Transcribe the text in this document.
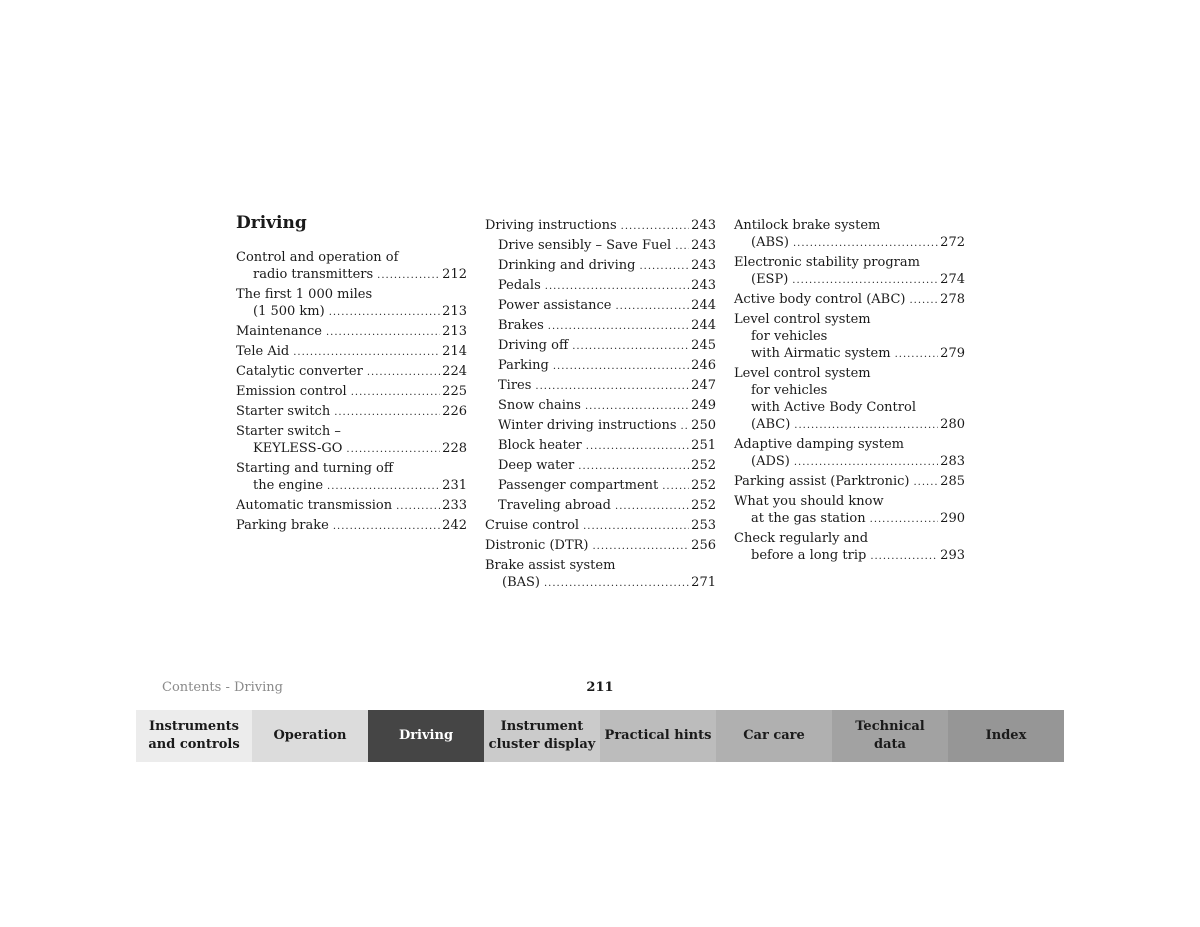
Driving
Control and operation of
radio transmitters .....	212
The first 1 000 miles
(1 500 km) .....	213
Maintenance .....	213
Tele Aid .....	214
Catalytic converter .....	224
Emission control .....	225
Starter switch .....	226
Starter switch –
KEYLESS-GO .....	228
Starting and turning off
the engine .....	231
Automatic transmission .....	233
Parking brake .....	242
Driving instructions .....	243
Drive sensibly – Save Fuel ..... 243
Drinking and driving .....	243
Pedals .....	243
Power assistance .....	244
Brakes .....	244
Driving off .....	245
Parking .....	246
Tires .....	247
Snow chains .....	249
Winter driving instructions ..... 250
Block heater .....	251
Deep water .....	252
Passenger compartment .....	252
Traveling abroad .....	252
Cruise control .....	253
Distronic (DTR) .....	256
Brake assist system
(BAS) .....	271
Antilock brake system
(ABS) .....	272
Electronic stability program
(ESP) .....	274
Active body control (ABC) .....	278
Level control system
for vehicles
with Airmatic system .....	279
Level control system
for vehicles
with Active Body Control
(ABC) .....	280
Adaptive damping system
(ADS) .....	283
Parking assist (Parktronic) ..... 285
What you should know
at the gas station .....	290
Check regularly and
before a long trip .....	293
Contents - Driving	211
Instruments
and controls
Operation	Driving
Instrument
cluster display
Practical hints Car care
Technical
data
Index
